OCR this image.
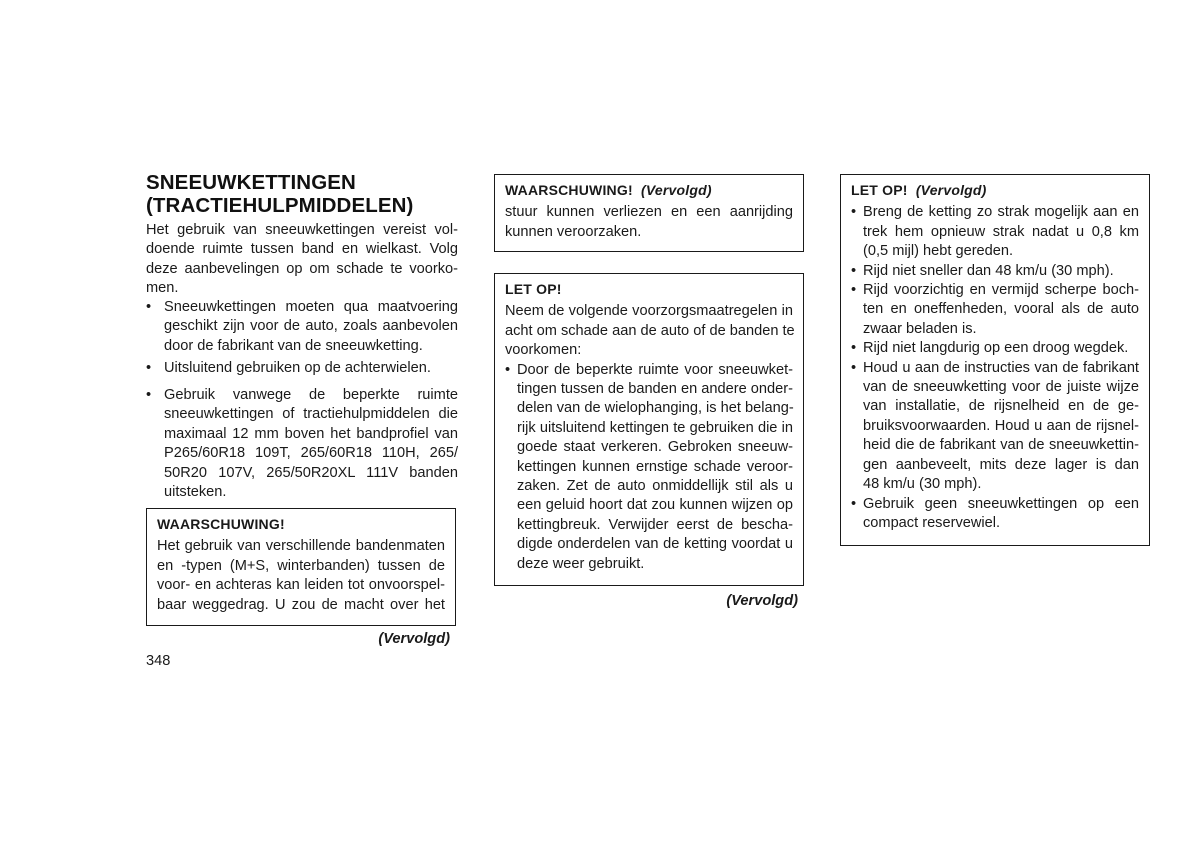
SNEEUWKETTINGEN
(TRACTIEHULPMIDDELEN)
Het gebruik van sneeuwkettingen vereist vol-
doende ruimte tussen band en wielkast. Volg
deze aanbevelingen op om schade te voorko-
men.
• Sneeuwkettingen moeten qua maatvoering
geschikt zijn voor de auto, zoals aanbevolen
door de fabrikant van de sneeuwketting.
• Uitsluitend gebruiken op de achterwielen.
• Gebruik vanwege de beperkte ruimte
sneeuwkettingen of tractiehulpmiddelen die
maximaal 12 mm boven het bandprofiel van
P265/60R18 109T, 265/60R18 110H, 265/
50R20 107V, 265/50R20XL 111V banden
uitsteken.
WAARSCHUWING!
Het gebruik van verschillende bandenmaten
en -typen (M+S, winterbanden) tussen de
voor- en achteras kan leiden tot onvoorspel-
baar weggedrag. U zou de macht over het
(Vervolgd)
348
WAARSCHUWING! (Vervolgd)
stuur kunnen verliezen en een aanrijding
kunnen veroorzaken.
LET OP!
Neem de volgende voorzorgsmaatregelen in
acht om schade aan de auto of de banden te
voorkomen:
• Door de beperkte ruimte voor sneeuwket-
tingen tussen de banden en andere onder-
delen van de wielophanging, is het belang-
rijk uitsluitend kettingen te gebruiken die in
goede staat verkeren. Gebroken sneeuw-
kettingen kunnen ernstige schade veroor-
zaken. Zet de auto onmiddellijk stil als u
een geluid hoort dat zou kunnen wijzen op
kettingbreuk. Verwijder eerst de bescha-
digde onderdelen van de ketting voordat u
deze weer gebruikt.
(Vervolgd)
LET OP! (Vervolgd)
• Breng de ketting zo strak mogelijk aan en
trek hem opnieuw strak nadat u 0,8 km
(0,5 mijl) hebt gereden.
• Rijd niet sneller dan 48 km/u (30 mph).
• Rijd voorzichtig en vermijd scherpe boch-
ten en oneffenheden, vooral als de auto
zwaar beladen is.
• Rijd niet langdurig op een droog wegdek.
• Houd u aan de instructies van de fabrikant
van de sneeuwketting voor de juiste wijze
van installatie, de rijsnelheid en de ge-
bruiksvoorwaarden. Houd u aan de rijsnel-
heid die de fabrikant van de sneeuwkettin-
gen aanbeveelt, mits deze lager is dan
48 km/u (30 mph).
• Gebruik geen sneeuwkettingen op een
compact reservewiel.
